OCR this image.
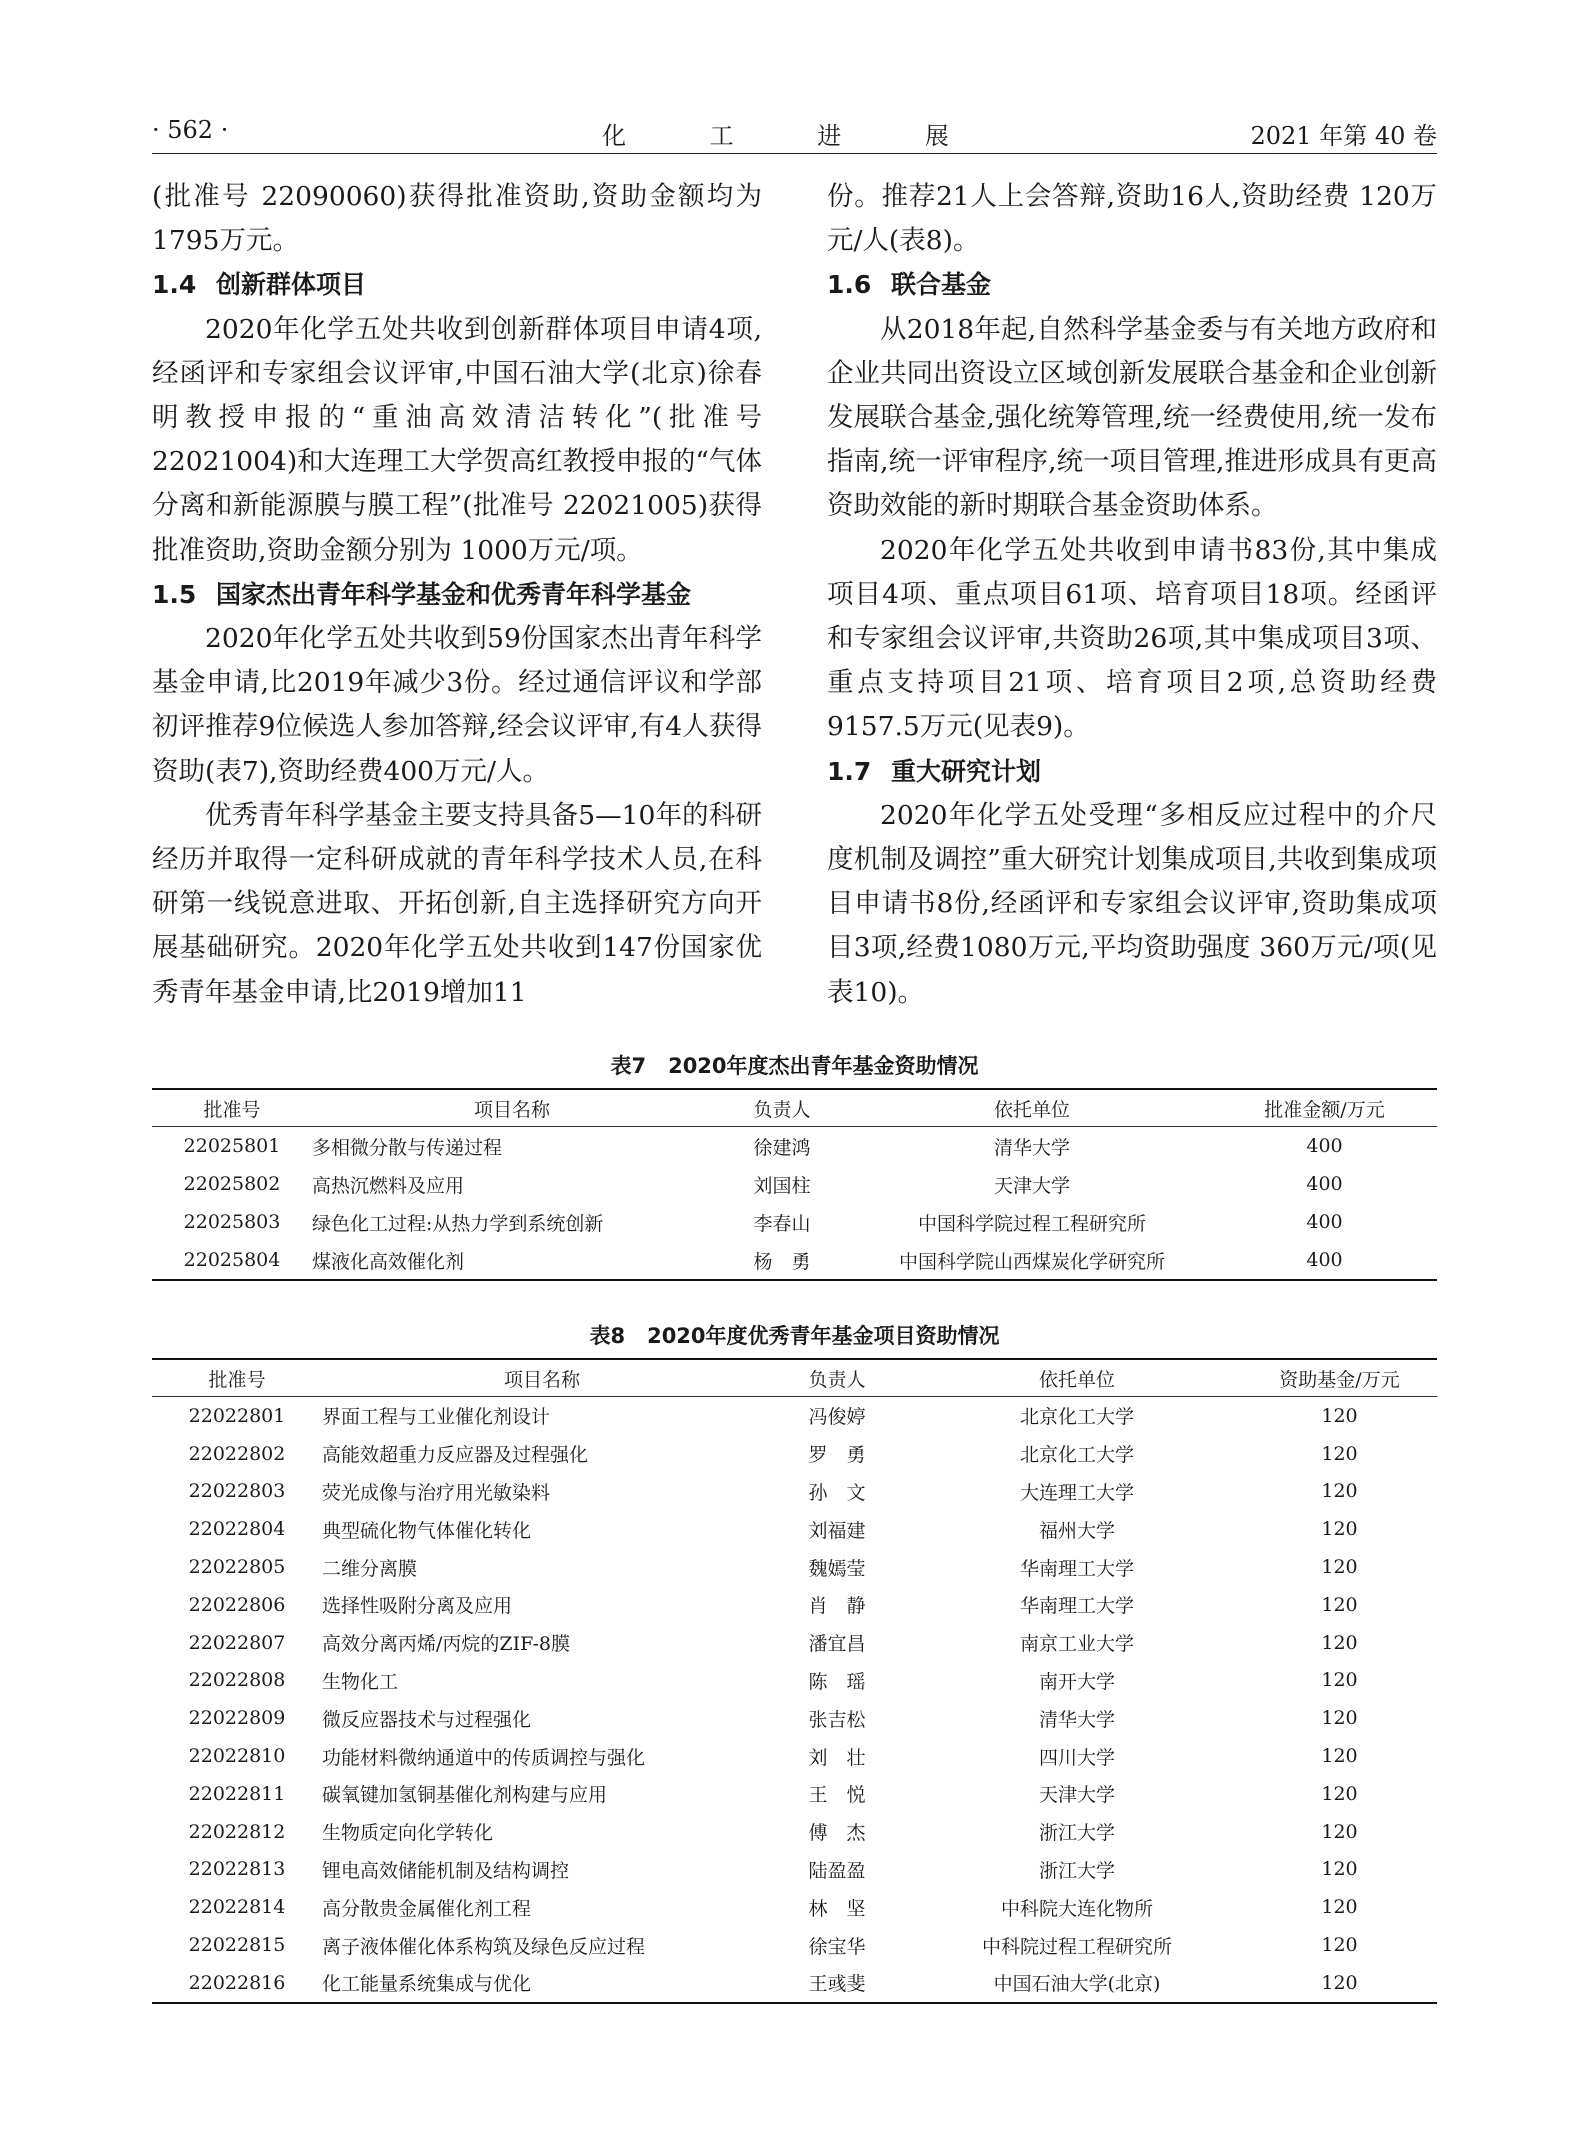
· 562 ·	化 工 进 展	2021 年第 40 卷

(批准号 22090060)获得批准资助,资助金额均为 1795万元。

1.4 创新群体项目

2020年化学五处共收到创新群体项目申请4项,经函评和专家组会议评审,中国石油大学(北京)徐春明教授申报的“重油高效清洁转化”(批准号 22021004)和大连理工大学贺高红教授申报的“气体分离和新能源膜与膜工程”(批准号 22021005)获得批准资助,资助金额分别为 1000万元/项。

1.5 国家杰出青年科学基金和优秀青年科学基金

2020年化学五处共收到59份国家杰出青年科学基金申请,比2019年减少3份。经过通信评议和学部初评推荐9位候选人参加答辩,经会议评审,有4人获得资助(表7),资助经费400万元/人。

优秀青年科学基金主要支持具备5—10年的科研经历并取得一定科研成就的青年科学技术人员,在科研第一线锐意进取、开拓创新,自主选择研究方向开展基础研究。2020年化学五处共收到147份国家优秀青年基金申请,比2019增加11

份。推荐21人上会答辩,资助16人,资助经费 120万元/人(表8)。

1.6 联合基金

从2018年起,自然科学基金委与有关地方政府和企业共同出资设立区域创新发展联合基金和企业创新发展联合基金,强化统筹管理,统一经费使用,统一发布指南,统一评审程序,统一项目管理,推进形成具有更高资助效能的新时期联合基金资助体系。

2020年化学五处共收到申请书83份,其中集成项目4项、重点项目61项、培育项目18项。经函评和专家组会议评审,共资助26项,其中集成项目3项、重点支持项目21项、培育项目2项,总资助经费9157.5万元(见表9)。

1.7 重大研究计划

2020年化学五处受理“多相反应过程中的介尺度机制及调控”重大研究计划集成项目,共收到集成项目申请书8份,经函评和专家组会议评审,资助集成项目3项,经费1080万元,平均资助强度 360万元/项(见表10)。

表7 2020年度杰出青年基金资助情况
批准号	项目名称	负责人	依托单位	批准金额/万元
22025801	多相微分散与传递过程	徐建鸿	清华大学	400
22025802	高热沉燃料及应用	刘国柱	天津大学	400
22025803	绿色化工过程:从热力学到系统创新	李春山	中国科学院过程工程研究所	400
22025804	煤液化高效催化剂	杨　勇	中国科学院山西煤炭化学研究所	400
表8 2020年度优秀青年基金项目资助情况
批准号	项目名称	负责人	依托单位	资助基金/万元
22022801	界面工程与工业催化剂设计	冯俊婷	北京化工大学	120
22022802	高能效超重力反应器及过程强化	罗　勇	北京化工大学	120
22022803	荧光成像与治疗用光敏染料	孙　文	大连理工大学	120
22022804	典型硫化物气体催化转化	刘福建	福州大学	120
22022805	二维分离膜	魏嫣莹	华南理工大学	120
22022806	选择性吸附分离及应用	肖　静	华南理工大学	120
22022807	高效分离丙烯/丙烷的ZIF-8膜	潘宜昌	南京工业大学	120
22022808	生物化工	陈　瑶	南开大学	120
22022809	微反应器技术与过程强化	张吉松	清华大学	120
22022810	功能材料微纳通道中的传质调控与强化	刘　壮	四川大学	120
22022811	碳氧键加氢铜基催化剂构建与应用	王　悦	天津大学	120
22022812	生物质定向化学转化	傅　杰	浙江大学	120
22022813	锂电高效储能机制及结构调控	陆盈盈	浙江大学	120
22022814	高分散贵金属催化剂工程	林　坚	中科院大连化物所	120
22022815	离子液体催化体系构筑及绿色反应过程	徐宝华	中科院过程工程研究所	120
22022816	化工能量系统集成与优化	王彧斐	中国石油大学(北京)	120
